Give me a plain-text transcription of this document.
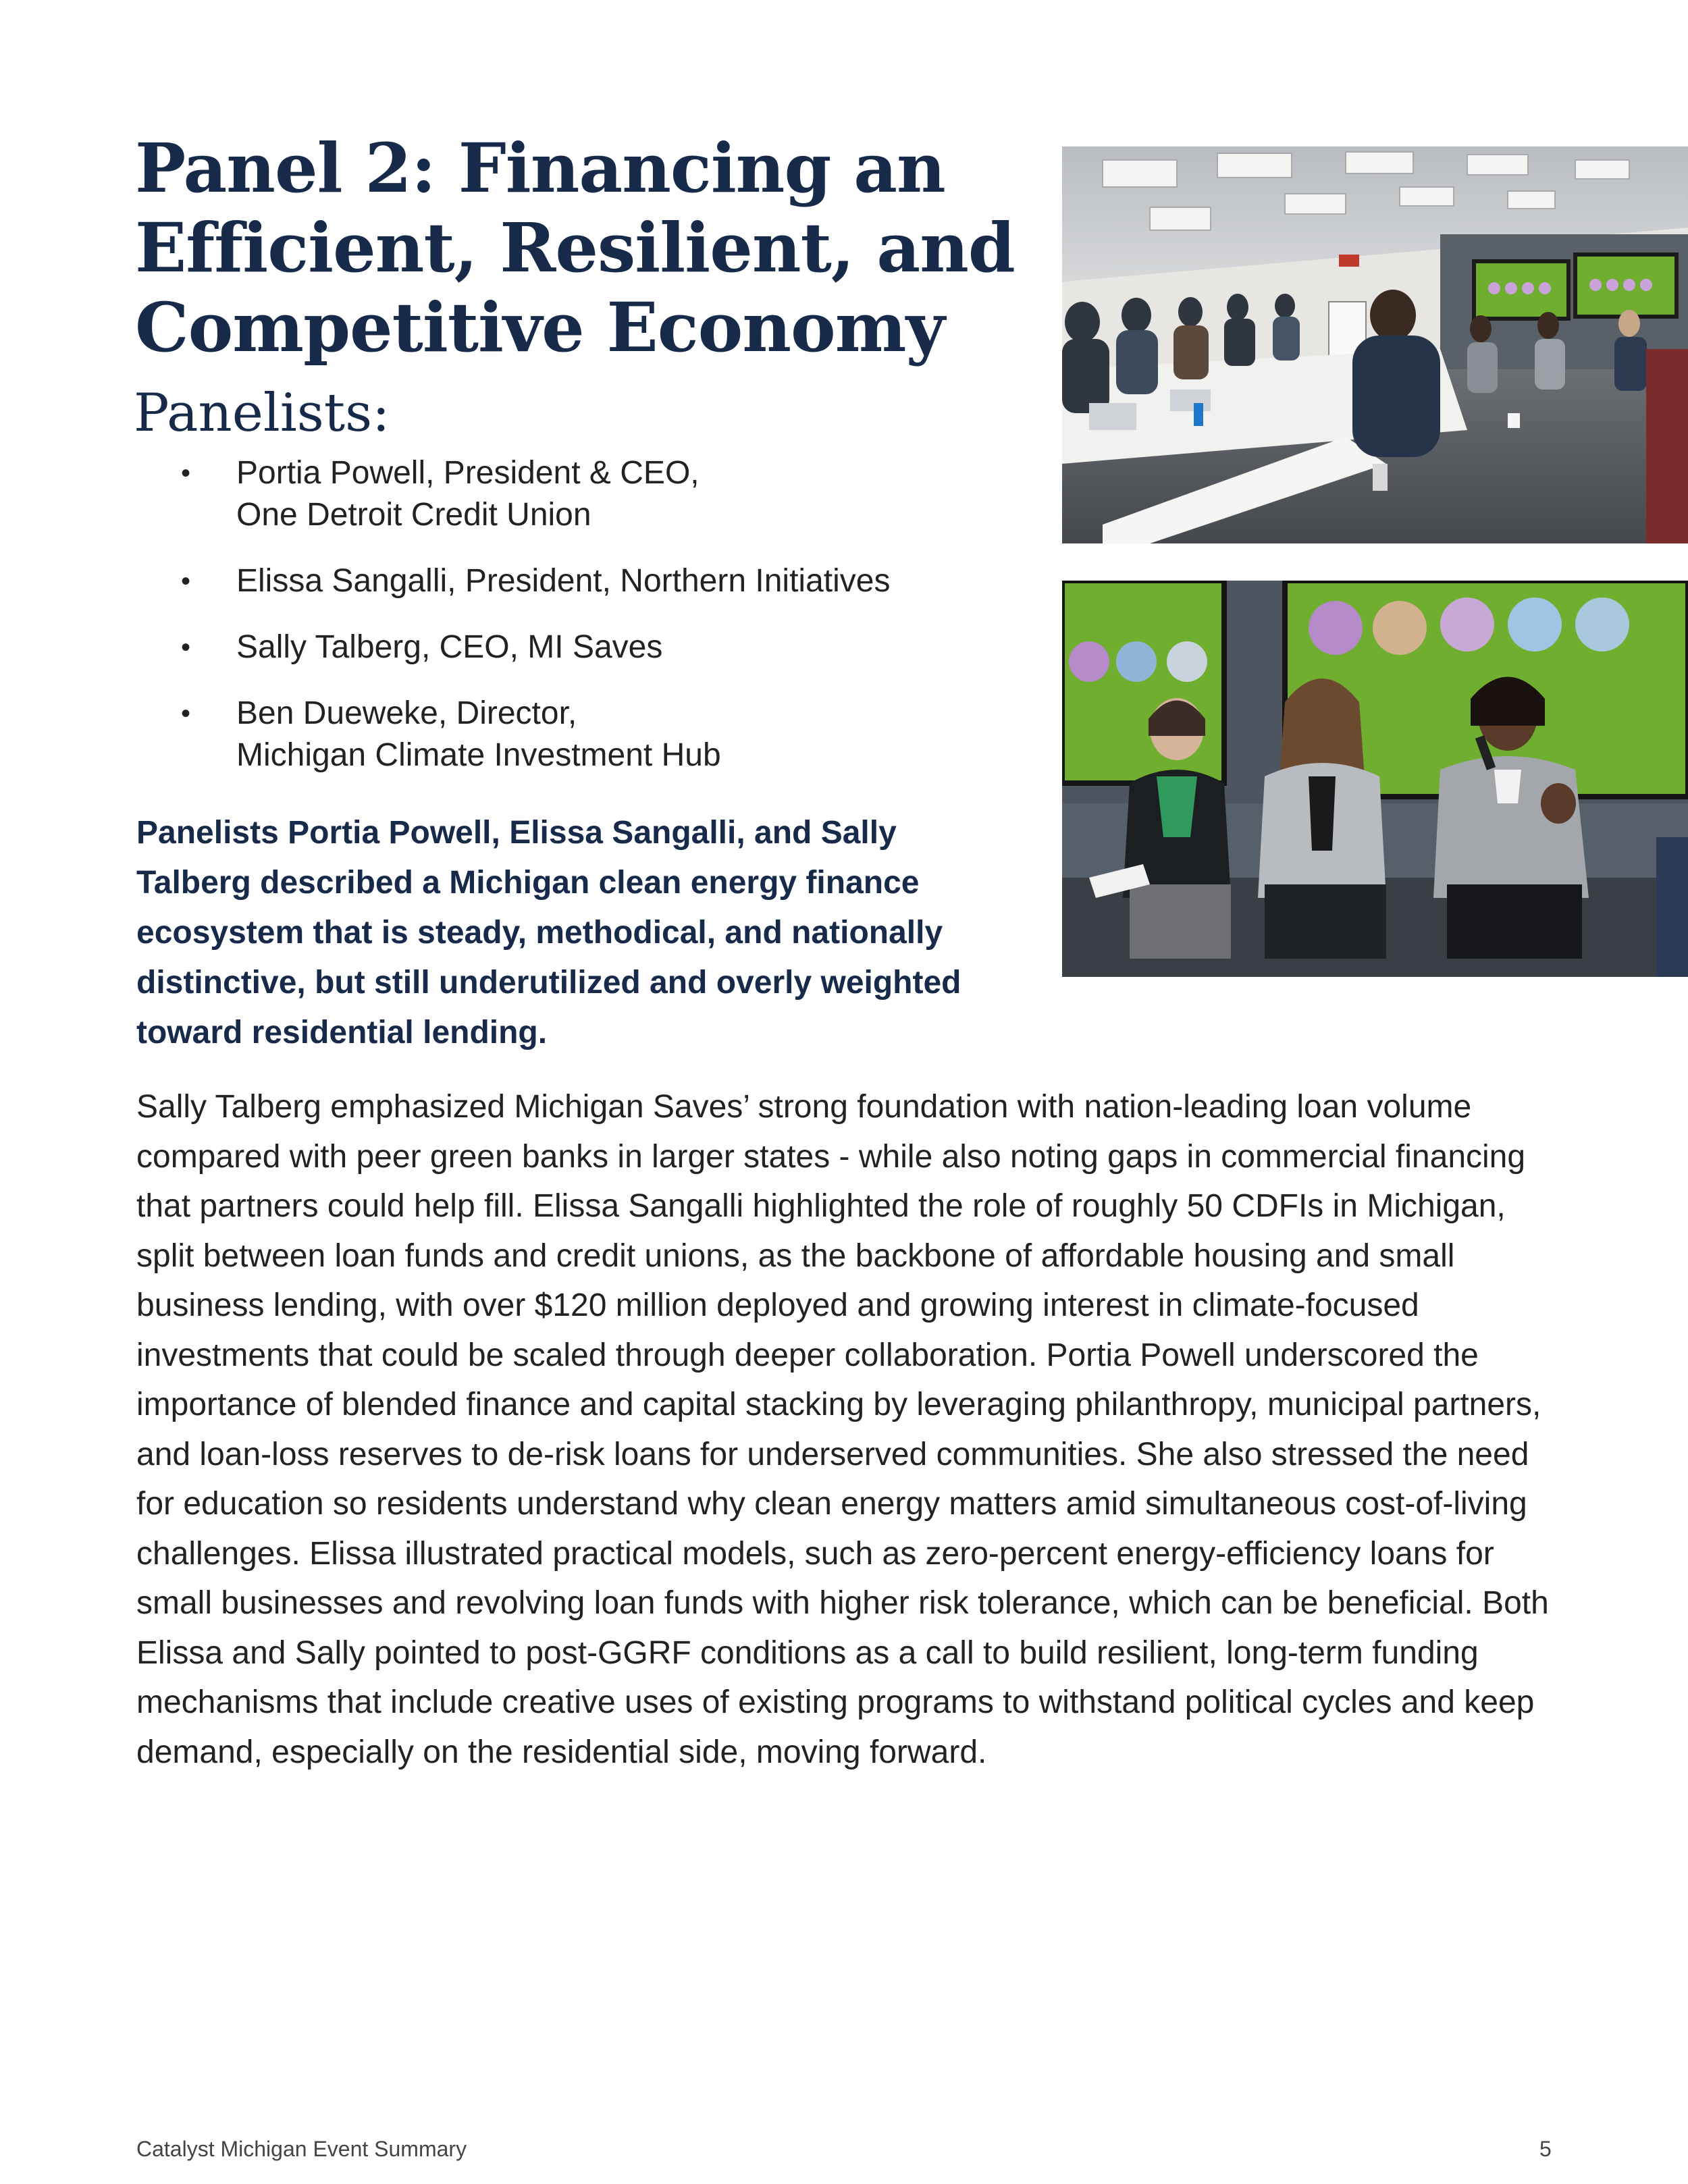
Panel 2: Financing an Efficient, Resilient, and Competitive Economy
Panelists:
• Portia Powell, President & CEO,
One Detroit Credit Union
• Elissa Sangalli, President, Northern Initiatives
• Sally Talberg, CEO, MI Saves
• Ben Dueweke, Director,
Michigan Climate Investment Hub

Panelists Portia Powell, Elissa Sangalli, and Sally Talberg described a Michigan clean energy finance ecosystem that is steady, methodical, and nationally distinctive, but still underutilized and overly weighted toward residential lending.

Sally Talberg emphasized Michigan Saves’ strong foundation with nation-leading loan volume compared with peer green banks in larger states - while also noting gaps in commercial financing that partners could help fill. Elissa Sangalli highlighted the role of roughly 50 CDFIs in Michigan, split between loan funds and credit unions, as the backbone of affordable housing and small business lending, with over $120 million deployed and growing interest in climate-focused investments that could be scaled through deeper collaboration. Portia Powell underscored the importance of blended finance and capital stacking by leveraging philanthropy, municipal partners, and loan-loss reserves to de-risk loans for underserved communities. She also stressed the need for education so residents understand why clean energy matters amid simultaneous cost-of-living challenges. Elissa illustrated practical models, such as zero-percent energy-efficiency loans for small businesses and revolving loan funds with higher risk tolerance, which can be beneficial. Both Elissa and Sally pointed to post-GGRF conditions as a call to build resilient, long-term funding mechanisms that include creative uses of existing programs to withstand political cycles and keep demand, especially on the residential side, moving forward.

Catalyst Michigan Event Summary	5
